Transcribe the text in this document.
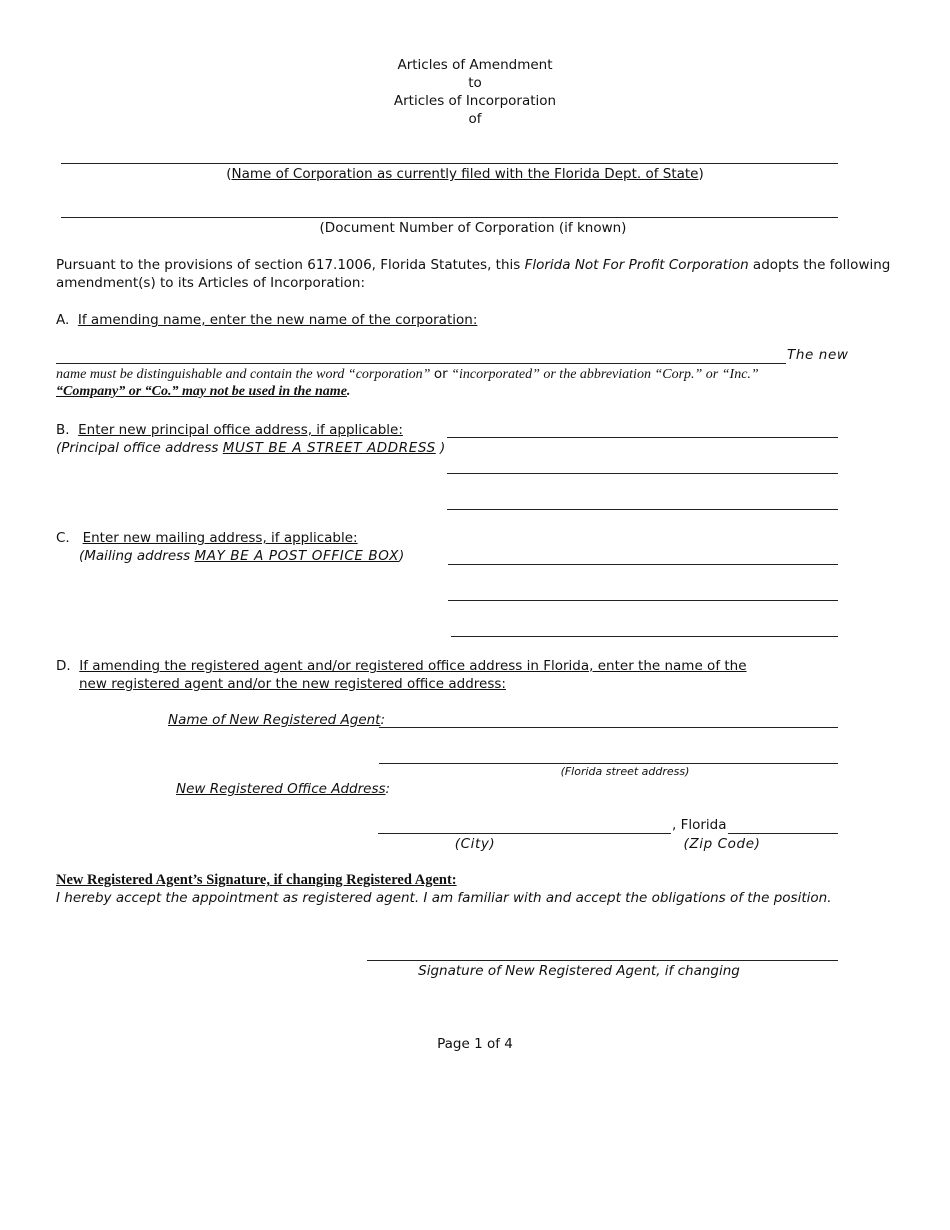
Articles of Amendment
to
Articles of Incorporation
of
(Name of Corporation as currently filed with the Florida Dept. of State)
(Document Number of Corporation (if known)
Pursuant to the provisions of section 617.1006, Florida Statutes, this Florida Not For Profit Corporation adopts the following
amendment(s) to its Articles of Incorporation:
A. If amending name, enter the new name of the corporation:
The new
name must be distinguishable and contain the word “corporation” or “incorporated” or the abbreviation “Corp.” or “Inc.”
“Company” or “Co.” may not be used in the name.
B. Enter new principal office address, if applicable:
(Principal office address MUST BE A STREET ADDRESS )
C. Enter new mailing address, if applicable:
(Mailing address MAY BE A POST OFFICE BOX)
D. If amending the registered agent and/or registered office address in Florida, enter the name of the
new registered agent and/or the new registered office address:
Name of New Registered Agent:
(Florida street address)
New Registered Office Address:
, Florida
(City)	(Zip Code)
New Registered Agent’s Signature, if changing Registered Agent:
I hereby accept the appointment as registered agent. I am familiar with and accept the obligations of the position.
Signature of New Registered Agent, if changing
Page 1 of 4
